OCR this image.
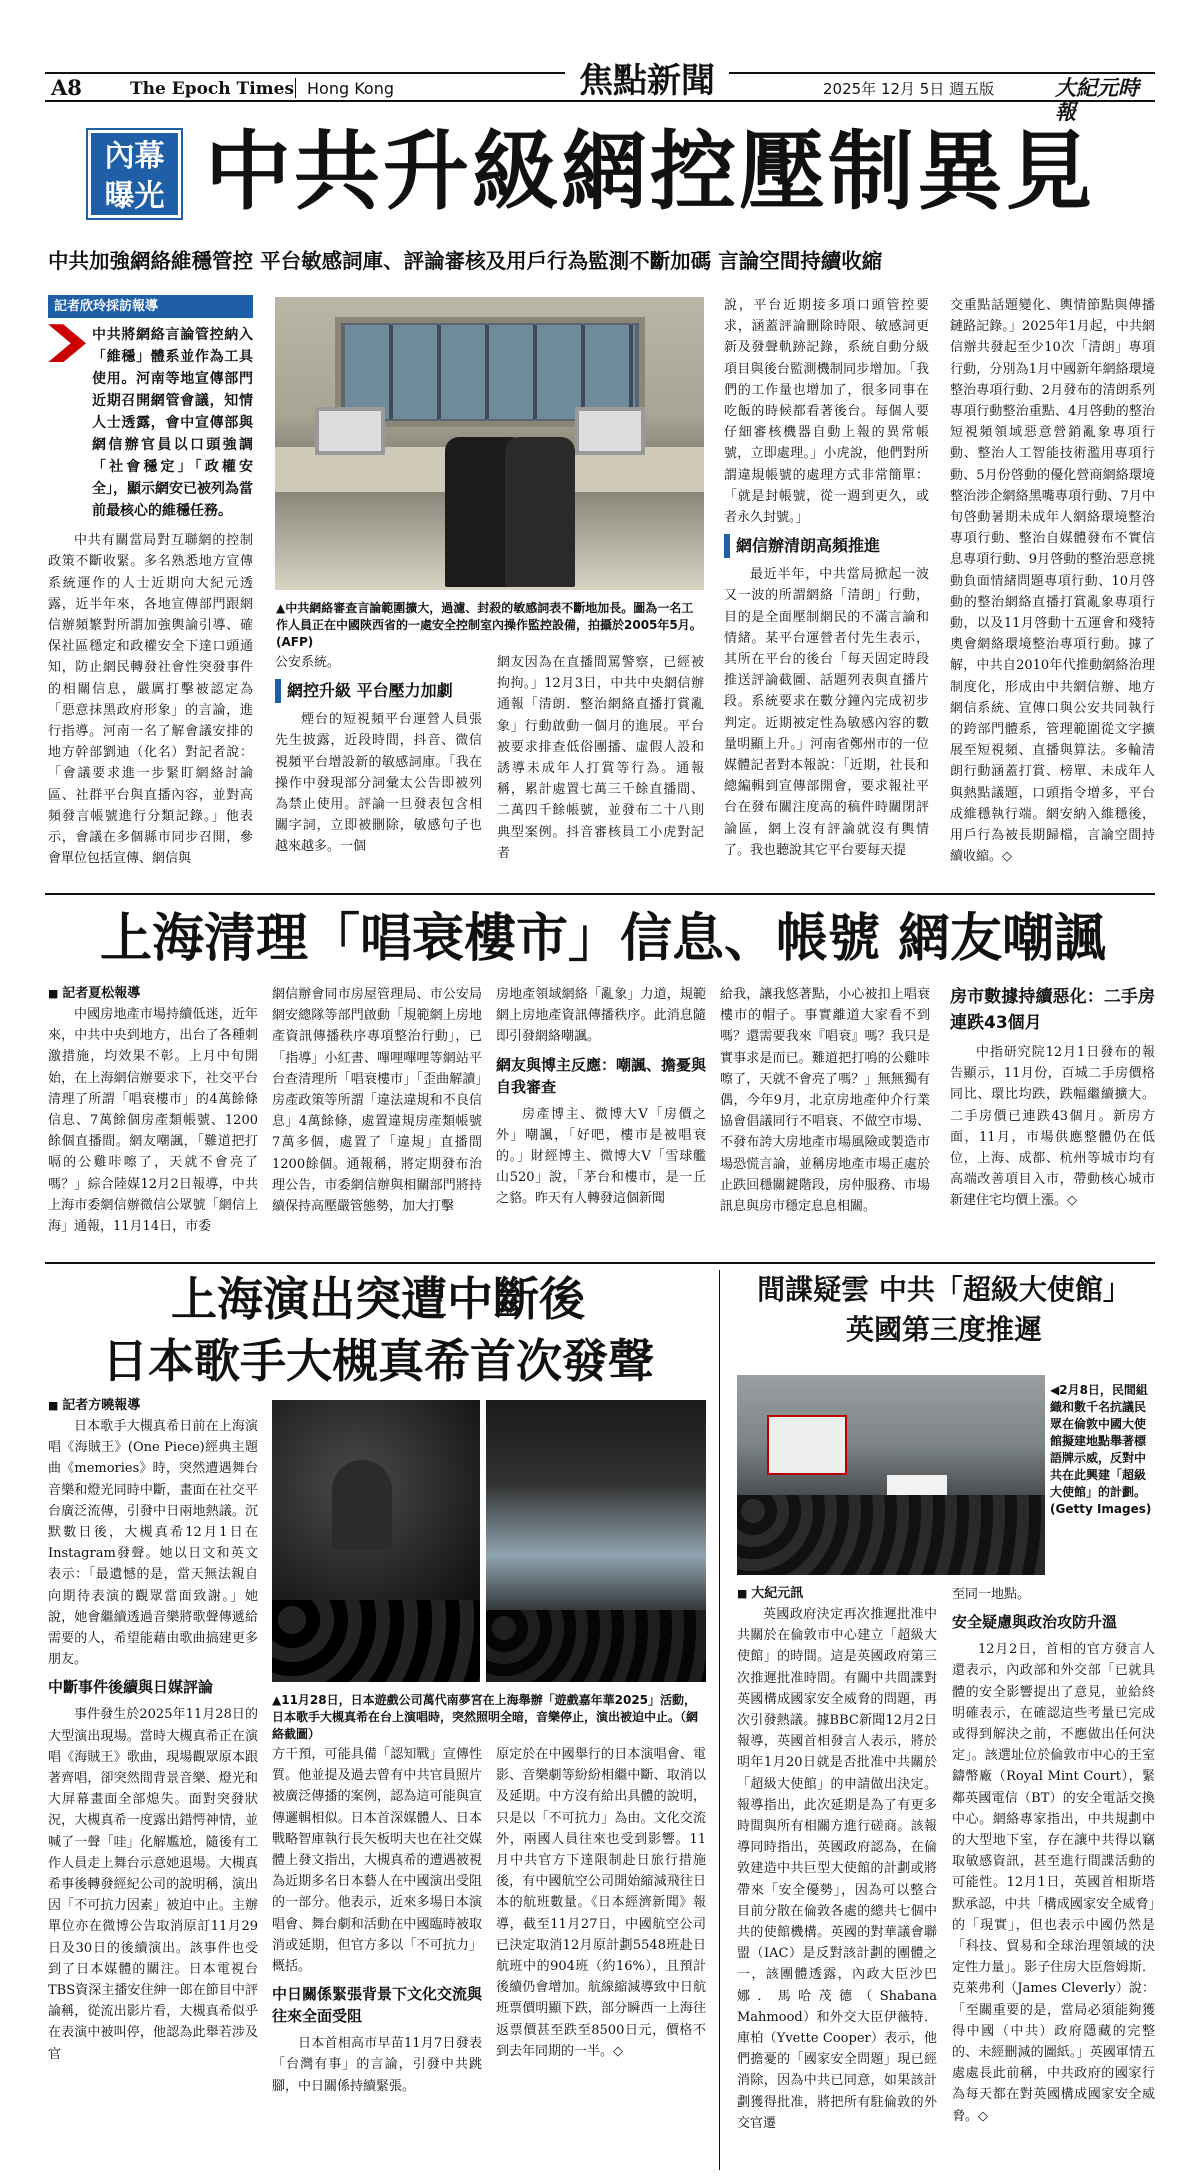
A8	The Epoch Times Hong Kong	焦點新聞	2025年 12月 5日 週五版	大紀元時報
內幕
曝光 中共升級網控壓制異見
中共加強網絡維穩管控 平台敏感詞庫、評論審核及用戶行為監測不斷加碼 言論空間持續收縮
記者欣玲採訪報導
中共將網絡言論管控納入「維穩」體系並作為工具使用。河南等地宣傳部門近期召開網管會議，知情人士透露，會中宣傳部與網信辦官員以口頭強調「社會穩定」「政權安全」，顯示網安已被列為當前最核心的維穩任務。

中共有關當局對互聯網的控制政策不斷收緊。多名熟悉地方宣傳系統運作的人士近期向大紀元透露，近半年來，各地宣傳部門跟網信辦頻繁對所謂加強輿論引導、確保社區穩定和政權安全下達口頭通知，防止網民轉發社會性突發事件的相關信息，嚴厲打擊被認定為「惡意抹黑政府形象」的言論，進行指導。河南一名了解會議安排的地方幹部劉迪（化名）對記者說：「會議要求進一步緊盯網絡討論區、社群平台與直播內容，並對高頻發言帳號進行分類記錄。」他表示，會議在多個縣市同步召開，參會單位包括宣傳、網信與

▲中共網絡審查言論範圍擴大，過濾、封殺的敏感詞表不斷地加長。圖為一名工作人員正在中國陝西省的一處安全控制室內操作監控設備，拍攝於2005年5月。(AFP)

公安系統。

網控升級 平台壓力加劇

煙台的短視頻平台運營人員張先生披露，近段時間，抖音、微信視頻平台增設新的敏感詞庫。「我在操作中發現部分詞彙太公告即被列為禁止使用。評論一旦發表包含相關字詞，立即被刪除，敏感句子也越來越多。一個

網友因為在直播間罵警察，已經被拘拘。」12月3日，中共中央網信辦通報「清朗．整治網絡直播打賞亂象」行動啟動一個月的進展。平台被要求排查低俗團播、虛假人設和誘導未成年人打賞等行為。通報稱，累計處置七萬三千餘直播間、二萬四千餘帳號，並發布二十八則典型案例。抖音審核員工小虎對記者

說，平台近期接多項口頭管控要求，涵蓋評論刪除時限、敏感詞更新及發聲軌跡記錄，系統自動分級項目與後台監測機制同步增加。「我們的工作量也增加了，很多同事在吃飯的時候都看著後台。每個人要仔細審核機器自動上報的異常帳號，立即處理。」小虎說，他們對所謂違規帳號的處理方式非常簡單：「就是封帳號，從一週到更久，或者永久封號。」

網信辦清朗高頻推進

最近半年，中共當局掀起一波又一波的所謂網絡「清朗」行動，目的是全面壓制網民的不滿言論和情緒。某平台運營者付先生表示，其所在平台的後台「每天固定時段推送評論截圖、話題列表與直播片段。系統要求在數分鐘內完成初步判定。近期被定性為敏感內容的數量明顯上升。」河南省鄭州市的一位媒體記者對本報說：「近期，社長和總編輯到宣傳部開會，要求報社平台在發布關注度高的稿件時關閉評論區，網上沒有評論就沒有輿情了。我也聽說其它平台要每天提

交重點話題變化、輿情節點與傳播鏈路記錄。」2025年1月起，中共網信辦共發起至少10次「清朗」專項行動，分別為1月中國新年網絡環境整治專項行動、2月發布的清朗系列專項行動整治重點、4月啓動的整治短視頻領域惡意營銷亂象專項行動、整治人工智能技術濫用專項行動、5月份啓動的優化營商網絡環境整治涉企網絡黑嘴專項行動、7月中旬啓動暑期未成年人網絡環境整治專項行動、整治自媒體發布不實信息專項行動、9月啓動的整治惡意挑動負面情緒問題專項行動、10月啓動的整治網絡直播打賞亂象專項行動，以及11月啓動十五運會和殘特奧會網絡環境整治專項行動。據了解，中共自2010年代推動網絡治理制度化，形成由中共網信辦、地方網信系統、宣傳口與公安共同執行的跨部門體系，管理範圍從文字擴展至短視頻、直播與算法。多輪清朗行動涵蓋打賞、榜單、未成年人與熱點議題，口頭指令增多，平台成維穩執行端。網安納入維穩後，用戶行為被長期歸檔，言論空間持續收縮。◇

上海清理「唱衰樓市」信息、帳號 網友嘲諷
■ 記者夏松報導

中國房地產市場持續低迷，近年來，中共中央到地方，出台了各種刺激措施，均效果不彰。上月中旬開始，在上海網信辦要求下，社交平台清理了所謂「唱衰樓市」的4萬餘條信息、7萬餘個房產類帳號、1200餘個直播間。網友嘲諷，「難道把打嗝的公雞咔嚓了，天就不會亮了嗎？」綜合陸媒12月2日報導，中共上海市委網信辦微信公眾號「網信上海」通報，11月14日，市委

網信辦會同市房屋管理局、市公安局網安總隊等部門啟動「規範網上房地產資訊傳播秩序專項整治行動」，已「指導」小紅書、嗶哩嗶哩等網站平台查清理所「唱衰樓市」「歪曲解讀」房產政策等所謂「違法違規和不良信息」4萬餘條，處置違規房產類帳號7萬多個，處置了「違規」直播間1200餘個。通報稱，將定期發布治理公告，市委網信辦與相關部門將持續保持高壓嚴管態勢，加大打擊

房地產領域網絡「亂象」力道，規範網上房地產資訊傳播秩序。此消息隨即引發網絡嘲諷。

網友與博主反應：嘲諷、擔憂與自我審查

房產博主、微博大V「房價之外」嘲諷，「好吧，樓市是被唱衰的。」財經博主、微博大V「雪球艦山520」說，「茅台和樓市，是一丘之貉。昨天有人轉發這個新聞

給我，讓我悠著點，小心被扣上唱衰樓市的帽子。事實離道大家看不到嗎？還需要我來『唱衰』嗎？我只是實事求是而已。難道把打鳴的公雞咔嚓了，天就不會亮了嗎？」無無獨有偶，今年9月，北京房地產仲介行業協會倡議同行不唱衰、不做空市場、不發布誇大房地產市場風險或製造市場恐慌言論，並稱房地產市場正處於止跌回穩關鍵階段，房仲服務、市場訊息與房市穩定息息相關。

房市數據持續惡化：二手房連跌43個月

中指研究院12月1日發布的報告顯示，11月份，百城二手房價格同比、環比均跌，跌幅繼續擴大。二手房價已連跌43個月。新房方面，11月，市場供應整體仍在低位，上海、成都、杭州等城市均有高端改善項目入市，帶動核心城市新建住宅均價上漲。◇

上海演出突遭中斷後
日本歌手大槻真希首次發聲
■ 記者方曉報導

日本歌手大槻真希日前在上海演唱《海賊王》(One Piece)經典主題曲《memories》時，突然遭遇舞台音樂和燈光同時中斷，畫面在社交平台廣泛流傳，引發中日兩地熱議。沉默數日後，大槻真希12月1日在Instagram發聲。她以日文和英文表示：「最遺憾的是，當天無法親自向期待表演的觀眾當面致謝。」她說，她會繼續透過音樂將歌聲傳遞給需要的人，希望能藉由歌曲搞建更多朋友。

中斷事件後續與日媒評論

事件發生於2025年11月28日的大型演出現場。當時大槻真希正在演唱《海賊王》歌曲，現場觀眾原本跟著齊唱，卻突然間背景音樂、燈光和大屏幕畫面全部熄失。面對突發狀況，大槻真希一度露出錯愕神情，並喊了一聲「哇」化解尷尬，隨後有工作人員走上舞台示意她退場。大槻真希事後轉發經紀公司的說明稱，演出因「不可抗力因素」被迫中止。主辦單位亦在微博公告取消原訂11月29日及30日的後續演出。該事件也受到了日本媒體的關注。日本電視台TBS資深主播安住紳一郎在節目中評論稱，從流出影片看，大槻真希似乎在表演中被叫停，他認為此舉若涉及官

▲11月28日，日本遊戲公司萬代南夢宮在上海舉辦「遊戲嘉年華2025」活動，日本歌手大槻真希在台上演唱時，突然照明全暗，音樂停止，演出被迫中止。（網絡截圖）

方干預，可能具備「認知戰」宣傳性質。他並提及過去曾有中共官員照片被廣泛傳播的案例，認為這可能與宣傳邏輯相似。日本首深媒體人、日本戰略智庫執行長矢板明夫也在社交媒體上發文指出，大槻真希的遭遇被視為近期多名日本藝人在中國演出受阻的一部分。他表示，近來多場日本演唱會、舞台劇和活動在中國臨時被取消或延期，但官方多以「不可抗力」概括。

中日關係緊張背景下文化交流與往來全面受阻

日本首相高市早苗11月7日發表「台灣有事」的言論，引發中共跳腳，中日關係持續緊張。

原定於在中國舉行的日本演唱會、電影、音樂劇等紛紛相繼中斷、取消以及延期。中方沒有給出具體的說明，只是以「不可抗力」為由。文化交流外，兩國人員往來也受到影響。11月中共官方下達限制赴日旅行措施後，有中國航空公司開始縮減飛往日本的航班數量。《日本經濟新聞》報導，截至11月27日，中國航空公司已決定取消12月原計劃5548班赴日航班中的904班（約16%），且預計後續仍會增加。航線縮減導致中日航班票價明顯下跌，部分瞬西一上海往返票價甚至跌至8500日元，價格不到去年同期的一半。◇

間諜疑雲 中共「超級大使館」
英國第三度推遲
◀2月8日，民間組織和數千名抗議民眾在倫敦中國大使館擬建地點舉著標語牌示威，反對中共在此興建「超級大使館」的計劃。(Getty Images)
■ 大紀元訊

英國政府決定再次推遲批准中共關於在倫敦市中心建立「超級大使館」的時間。這是英國政府第三次推遲批准時間。有關中共間諜對英國構成國家安全威脅的問題，再次引發熱議。據BBC新聞12月2日報導，英國首相發言人表示，將於明年1月20日就是否批准中共關於「超級大使館」的申請做出決定。報導指出，此次延期是為了有更多時間與所有相關方進行磋商。該報導同時指出，英國政府認為，在倫敦建造中共巨型大使館的計劃或將帶來「安全優勢」，因為可以整合目前分散在倫敦各處的總共七個中共的使館機構。英國的對華議會聯盟（IAC）是反對該計劃的團體之一，該團體透露，內政大臣沙巴娜．馬哈茂德（Shabana Mahmood）和外交大臣伊薇特．庫柏（Yvette Cooper）表示，他們擔憂的「國家安全問題」現已經消除，因為中共已同意，如果該計劃獲得批准，將把所有駐倫敦的外交官遷

至同一地點。

安全疑慮與政治攻防升溫

12月2日，首相的官方發言人還表示，內政部和外交部「已就具體的安全影響提出了意見，並給終明確表示，在確認這些考量已完成或得到解決之前，不應做出任何決定」。該選址位於倫敦市中心的王室鑄幣廠（Royal Mint Court），緊鄰英國電信（BT）的安全電話交換中心。網絡專家指出，中共規劃中的大型地下室，存在讓中共得以竊取敏感資訊，甚至進行間諜活動的可能性。12月1日，英國首相斯塔默承認，中共「構成國家安全威脅」的「現實」，但也表示中國仍然是「科技、貿易和全球治理領域的決定性力量」。影子住房大臣詹姆斯．克萊弗利（James Cleverly）說：「至關重要的是，當局必須能夠獲得中國（中共）政府隱藏的完整的、未經刪減的圖紙。」英國軍情五處處長此前稱，中共政府的國家行為每天都在對英國構成國家安全威脅。◇
